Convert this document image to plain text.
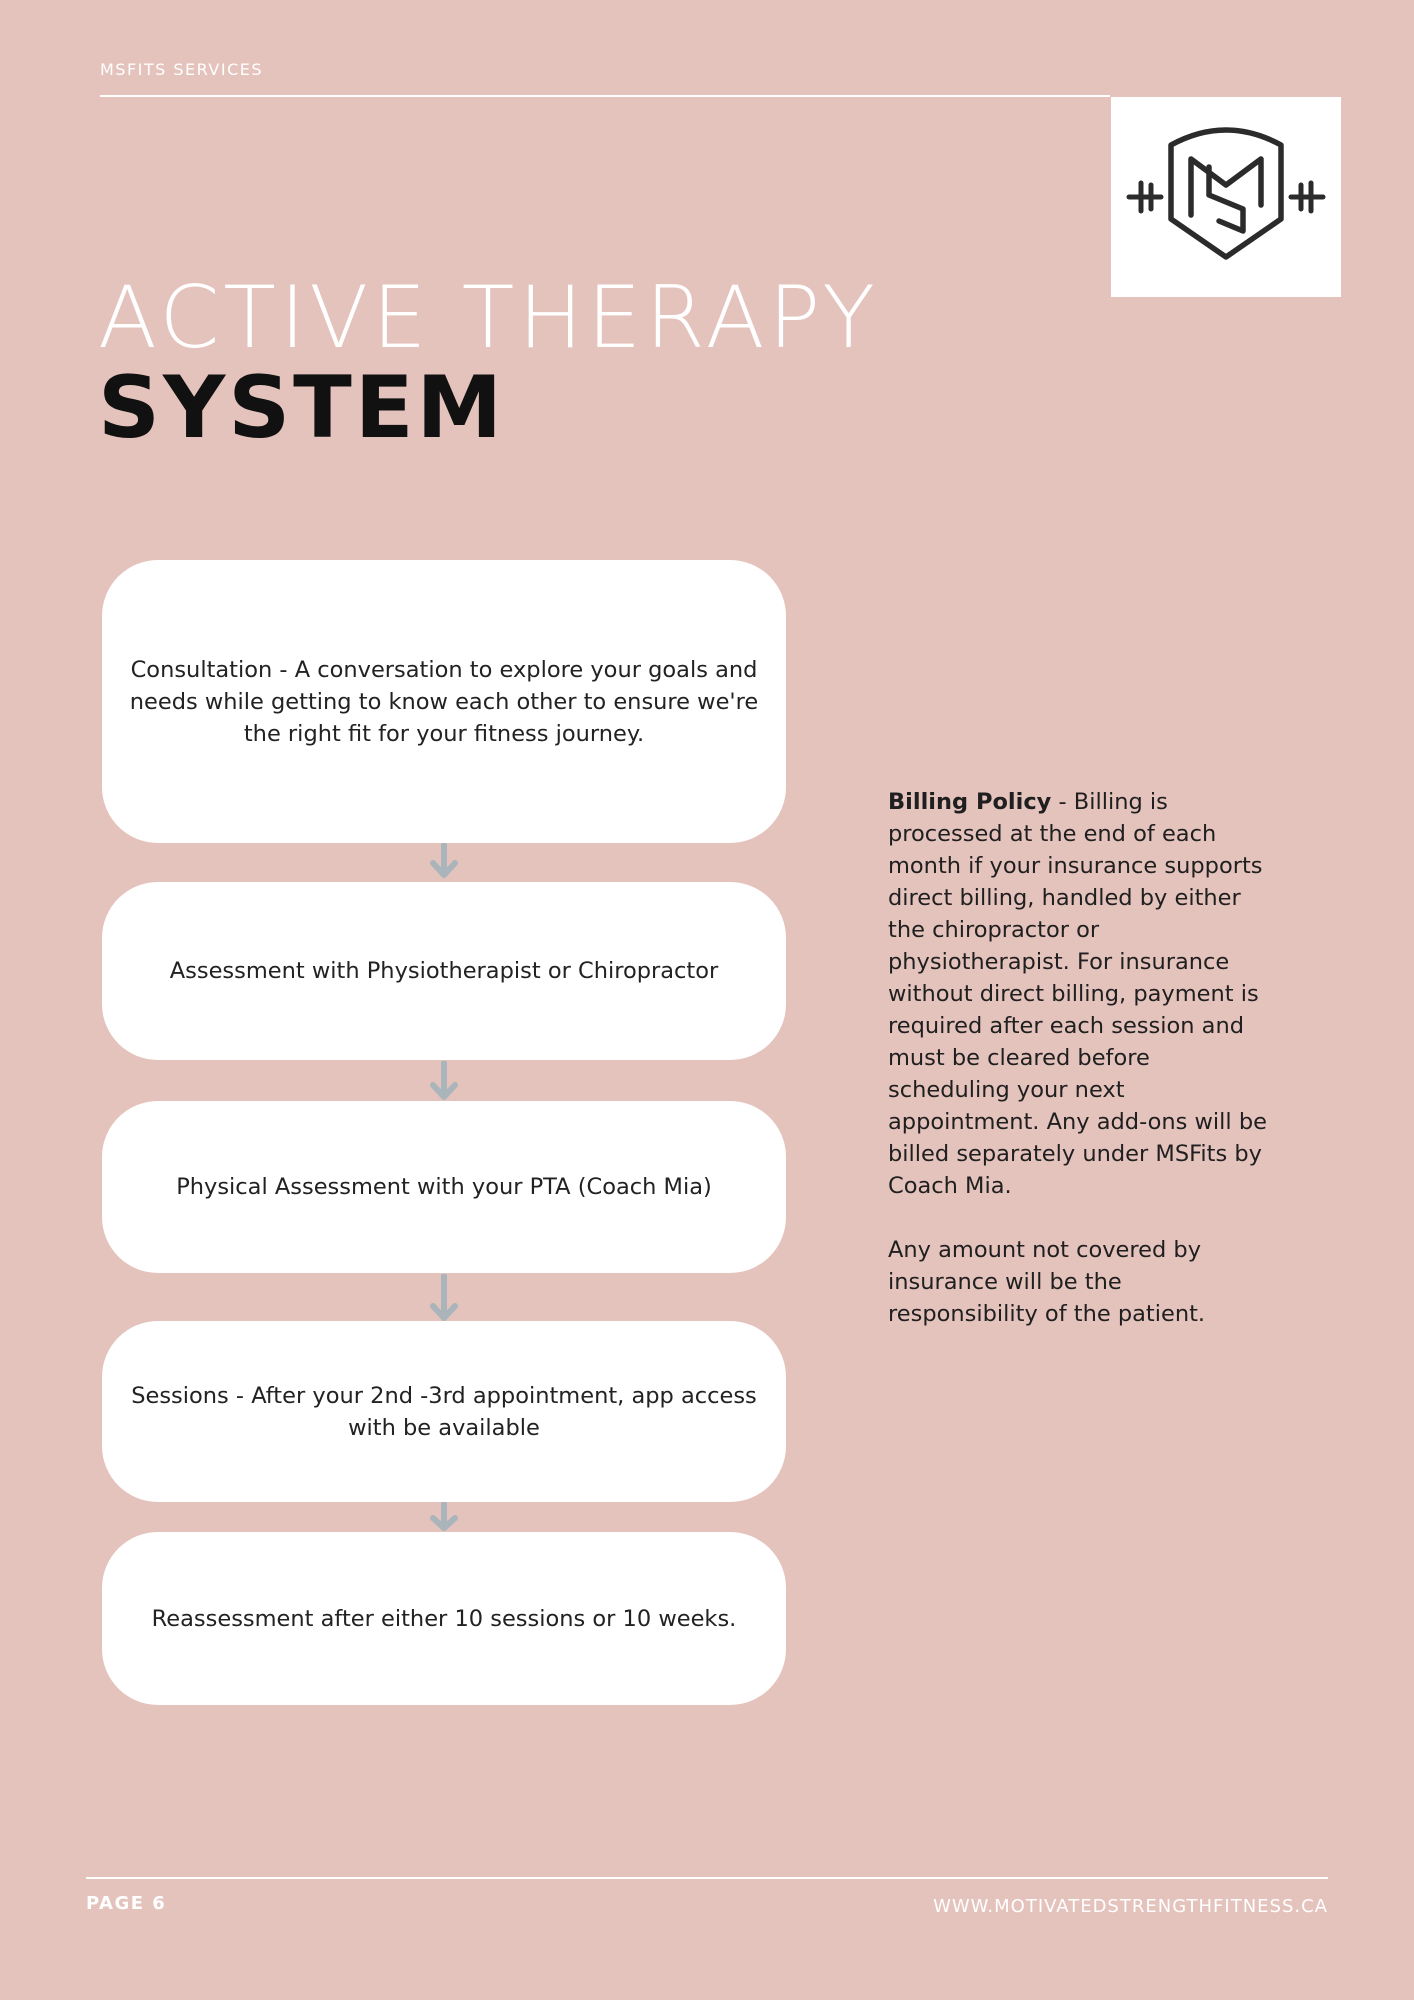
MSFITS SERVICES
ACTIVE THERAPY
SYSTEM
Consultation - A conversation to explore your goals and needs while getting to know each other to ensure we're the right fit for your fitness journey.
Assessment with Physiotherapist or Chiropractor
Physical Assessment with your PTA (Coach Mia)
Sessions - After your 2nd -3rd appointment, app access with be available
Reassessment after either 10 sessions or 10 weeks.

Billing Policy - Billing is processed at the end of each month if your insurance supports direct billing, handled by either the chiropractor or physiotherapist. For insurance without direct billing, payment is required after each session and must be cleared before scheduling your next appointment. Any add-ons will be billed separately under MSFits by Coach Mia.

Any amount not covered by insurance will be the responsibility of the patient.

PAGE 6	WWW.MOTIVATEDSTRENGTHFITNESS.CA
